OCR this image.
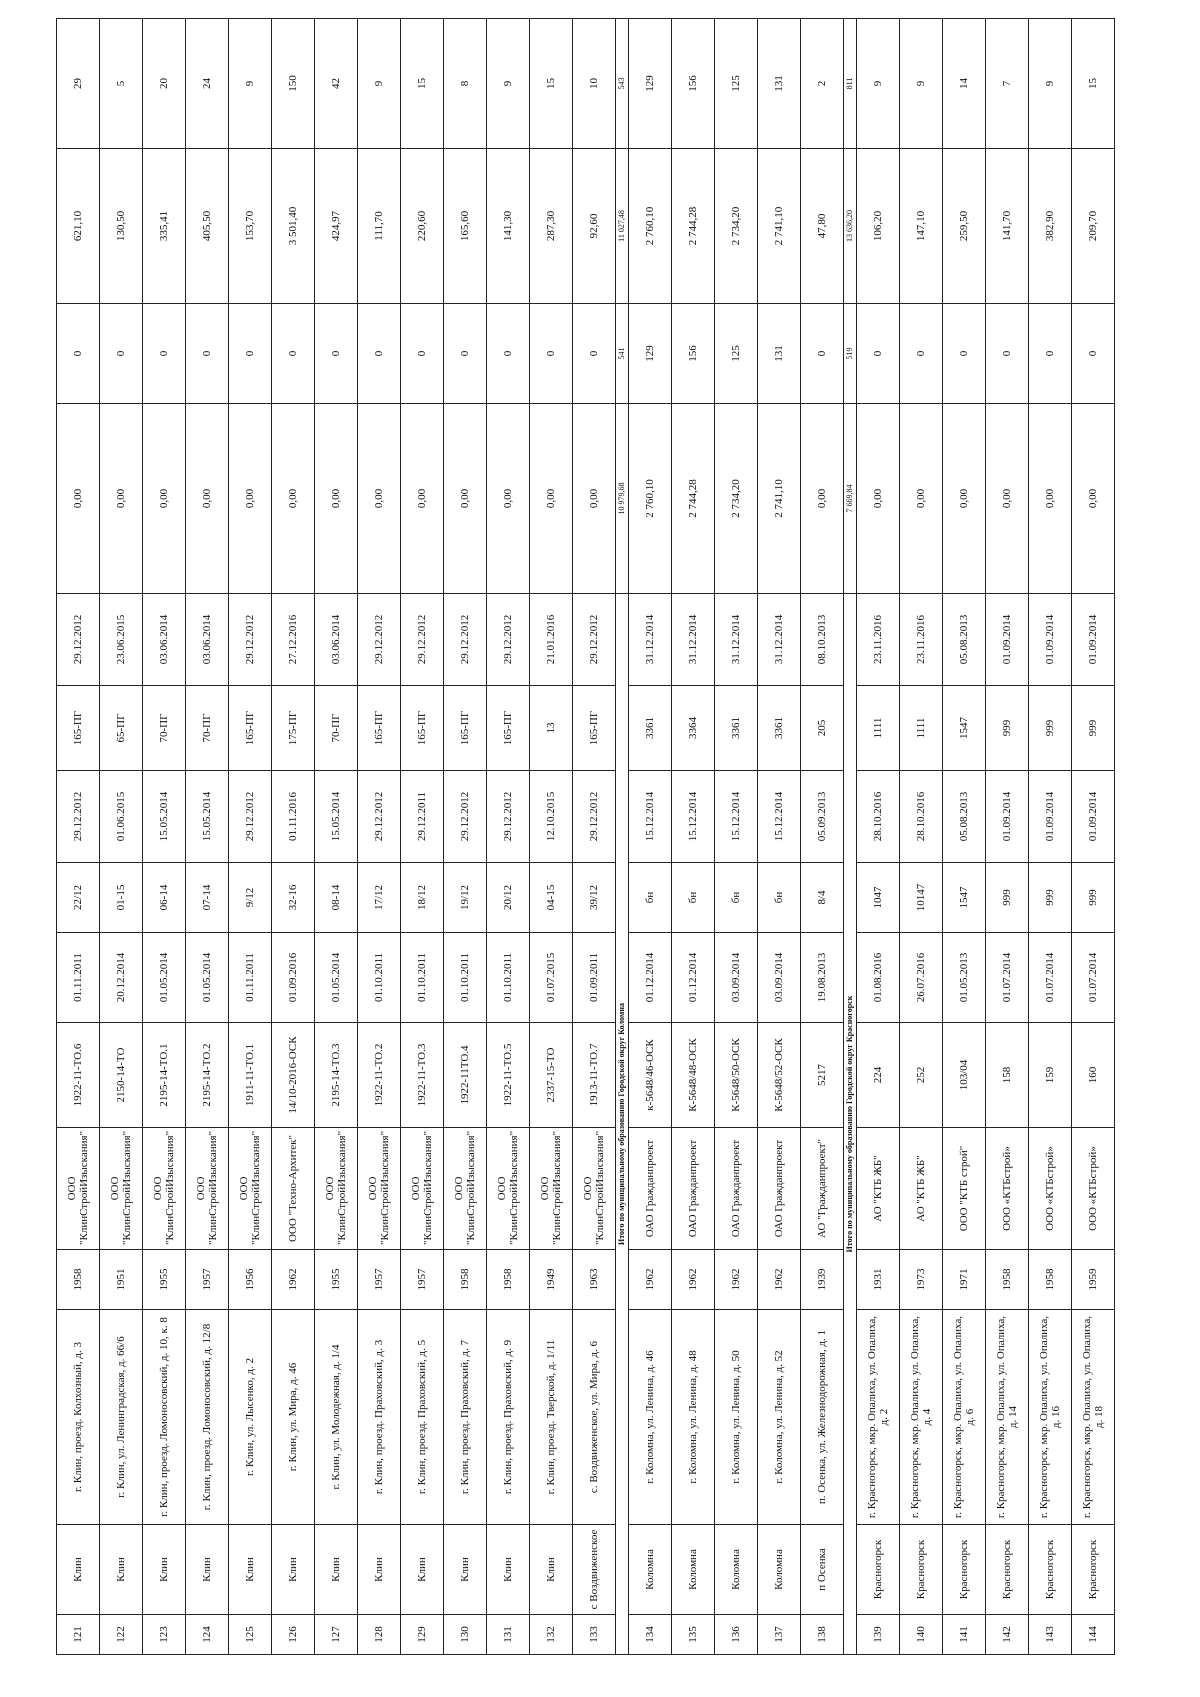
121	Клин	г. Клин, проезд. Колхозный, д. 3	1958	ООО "КлинСтройИзыскания"	1922-11-ТО.6	01.11.2011	22/12	29.12.2012	165-ПГ	29.12.2012	0,00	0	621,10	29
122	Клин	г. Клин, ул. Ленинградская, д. 66/6	1951	ООО "КлинСтройИзыскания"	2150-14-ТО	20.12.2014	01-15	01.06.2015	65-ПГ	23.06.2015	0,00	0	130,50	5
123	Клин	г. Клин, проезд. Ломоносовский, д. 10, к. 8	1955	ООО "КлинСтройИзыскания"	2195-14-ТО.1	01.05.2014	06-14	15.05.2014	70-ПГ	03.06.2014	0,00	0	335,41	20
124	Клин	г. Клин, проезд. Ломоносовский, д. 12/8	1957	ООО "КлинСтройИзыскания"	2195-14-ТО.2	01.05.2014	07-14	15.05.2014	70-ПГ	03.06.2014	0,00	0	405,50	24
125	Клин	г. Клин, ул. Лысенко, д. 2	1956	ООО "КлинСтройИзыскания"	1911-11-ТО.1	01.11.2011	9/12	29.12.2012	165-ПГ	29.12.2012	0,00	0	153,70	9
126	Клин	г. Клин, ул. Мира, д. 46	1962	ООО "Техно-Архитек"	14/10-2016-ОСК	01.09.2016	32-16	01.11.2016	175-ПГ	27.12.2016	0,00	0	3 501,40	150
127	Клин	г. Клин, ул. Молодежная, д. 1/4	1955	ООО "КлинСтройИзыскания"	2195-14-ТО.3	01.05.2014	08-14	15.05.2014	70-ПГ	03.06.2014	0,00	0	424,97	42
128	Клин	г. Клин, проезд. Праховский, д. 3	1957	ООО "КлинСтройИзыскания"	1922-11-ТО.2	01.10.2011	17/12	29.12.2012	165-ПГ	29.12.2012	0,00	0	111,70	9
129	Клин	г. Клин, проезд. Праховский, д. 5	1957	ООО "КлинСтройИзыскания"	1922-11-ТО.3	01.10.2011	18/12	29.12.2011	165-ПГ	29.12.2012	0,00	0	220,60	15
130	Клин	г. Клин, проезд. Праховский, д. 7	1958	ООО "КлинСтройИзыскания"	1922-11ТО.4	01.10.2011	19/12	29.12.2012	165-ПГ	29.12.2012	0,00	0	165,60	8
131	Клин	г. Клин, проезд. Праховский, д. 9	1958	ООО "КлинСтройИзыскания"	1922-11-ТО.5	01.10.2011	20/12	29.12.2012	165-ПГ	29.12.2012	0,00	0	141,30	9
132	Клин	г. Клин, проезд. Тверской, д. 1/11	1949	ООО "КлинСтройИзыскания"	2337-15-ТО	01.07.2015	04-15	12.10.2015	13	21.01.2016	0,00	0	287,30	15
133	с Воздвиженское	с. Воздвиженское, ул. Мира, д. 6	1963	ООО "КлинСтройИзыскания"	1913-11-ТО.7	01.09.2011	39/12	29.12.2012	165-ПГ	29.12.2012	0,00	0	92,60	10
Итого по муниципальному образованию Городской округ Коломна											10 979,68	541	11 027,48	543
134	Коломна	г. Коломна, ул. Ленина, д. 46	1962	ОАО Гражданпроект	к-5648/46-ОСК	01.12.2014	бн	15.12.2014	3361	31.12.2014	2 760,10	129	2 760,10	129
135	Коломна	г. Коломна, ул. Ленина, д. 48	1962	ОАО Гражданпроект	К-5648/48-ОСК	01.12.2014	бн	15.12.2014	3364	31.12.2014	2 744,28	156	2 744,28	156
136	Коломна	г. Коломна, ул. Ленина, д. 50	1962	ОАО Гражданпроект	К-5648/50-ОСК	03.09.2014	бн	15.12.2014	3361	31.12.2014	2 734,20	125	2 734,20	125
137	Коломна	г. Коломна, ул. Ленина, д. 52	1962	ОАО Гражданпроект	К-5648/52-ОСК	03.09.2014	бн	15.12.2014	3361	31.12.2014	2 741,10	131	2 741,10	131
138	п Осенка	п. Осенка, ул. Железнодорожная, д. 1	1939	АО "Гражданпроект"	5217	19.08.2013	8/4	05.09.2013	205	08.10.2013	0,00	0	47,80	2
Итого по муниципальному образованию Городской округ Красногорск											7 669,84	519	13 636,20	811
139	Красногорск	г. Красногорск, мкр. Опалиха, ул. Опалиха, д. 2	1931	АО "КТБ ЖБ"	224	01.08.2016	1047	28.10.2016	1111	23.11.2016	0,00	0	106,20	9
140	Красногорск	г. Красногорск, мкр. Опалиха, ул. Опалиха, д. 4	1973	АО "КТБ ЖБ"	252	26.07.2016	10147	28.10.2016	1111	23.11.2016	0,00	0	147,10	9
141	Красногорск	г. Красногорск, мкр. Опалиха, ул. Опалиха, д. 6	1971	ООО "КТБ строй"	103/04	01.05.2013	1547	05.08.2013	1547	05.08.2013	0,00	0	259,50	14
142	Красногорск	г. Красногорск, мкр. Опалиха, ул. Опалиха, д. 14	1958	ООО «КТБстрой»	158	01.07.2014	999	01.09.2014	999	01.09.2014	0,00	0	141,70	7
143	Красногорск	г. Красногорск, мкр. Опалиха, ул. Опалиха, д. 16	1958	ООО «КТБстрой»	159	01.07.2014	999	01.09.2014	999	01.09.2014	0,00	0	382,90	9
144	Красногорск	г. Красногорск, мкр. Опалиха, ул. Опалиха, д. 18	1959	ООО «КТБстрой»	160	01.07.2014	999	01.09.2014	999	01.09.2014	0,00	0	209,70	15
